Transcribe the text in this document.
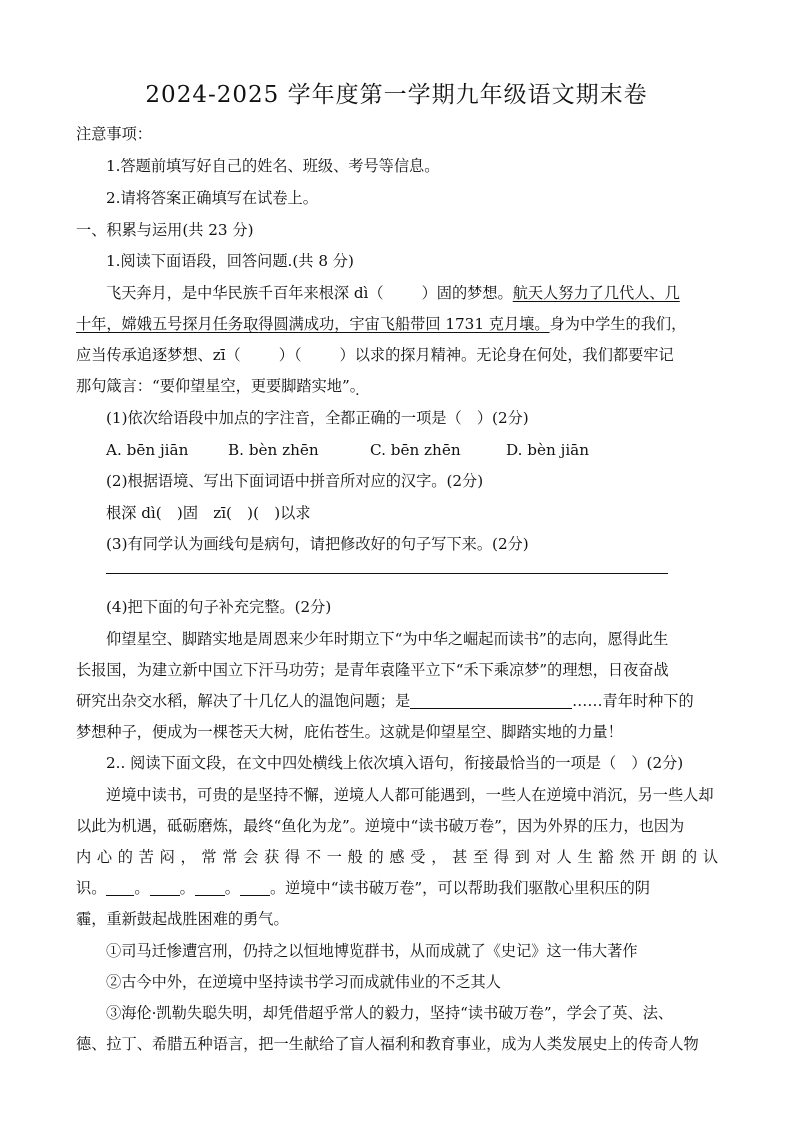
2024-2025 学年度第一学期九年级语文期末卷
注意事项：
1.答题前填写好自己的姓名、班级、考号等信息。
2.请将答案正确填写在试卷上。
一、积累与运用(共 23 分)
1.阅读下面语段，回答问题.(共 8 分)
飞天奔月，是中华民族千百年来根深 dì（	）固的梦想。航天人努力了几代人、几
十年，嫦娥五号探月任务取得圆满成功，宇宙飞船带回 1731 克月壤。身为中学生的我们，
应当传承追逐梦想、zī（	）（	）以求的探月精神。无论身在何处，我们都要牢记
那句箴言：“要仰望星空，更要脚踏实地”。 ·
(1)依次给语段中加点的字注音，全都正确的一项是（　）(2分)
A. bēn jiān	B. bèn zhēn	C. bēn zhēn	D. bèn jiān
(2)根据语境、写出下面词语中拼音所对应的汉字。(2分)
根深 dì(　)固　zī(　)(　)以求
(3)有同学认为画线句是病句，请把修改好的句子写下来。(2分)
(4)把下面的句子补充完整。(2分)
仰望星空、脚踏实地是周恩来少年时期立下“为中华之崛起而读书”的志向，愿得此生
长报国，为建立新中国立下汗马功劳；是青年袁隆平立下“禾下乘凉梦”的理想，日夜奋战
研究出杂交水稻，解决了十几亿人的温饱问题；是	……青年时种下的
梦想种子，便成为一棵苍天大树，庇佑苍生。这就是仰望星空、脚踏实地的力量！
2.. 阅读下面文段，在文中四处横线上依次填入语句，衔接最恰当的一项是（　）(2分)
逆境中读书，可贵的是坚持不懈，逆境人人都可能遇到，一些人在逆境中消沉，另一些人却
以此为机遇，砥砺磨炼，最终“鱼化为龙”。逆境中“读书破万卷”，因为外界的压力，也因为
内心的苦闷，常常会获得不一般的感受，甚至得到对人生豁然开朗的认
识。 。 。 。 。逆境中“读书破万卷”，可以帮助我们驱散心里积压的阴
霾，重新鼓起战胜困难的勇气。
①司马迁惨遭宫刑，仍持之以恒地博览群书，从而成就了《史记》这一伟大著作
②古今中外，在逆境中坚持读书学习而成就伟业的不乏其人
③海伦·凯勒失聪失明，却凭借超乎常人的毅力，坚持“读书破万卷”，学会了英、法、
德、拉丁、希腊五种语言，把一生献给了盲人福利和教育事业，成为人类发展史上的传奇人物
